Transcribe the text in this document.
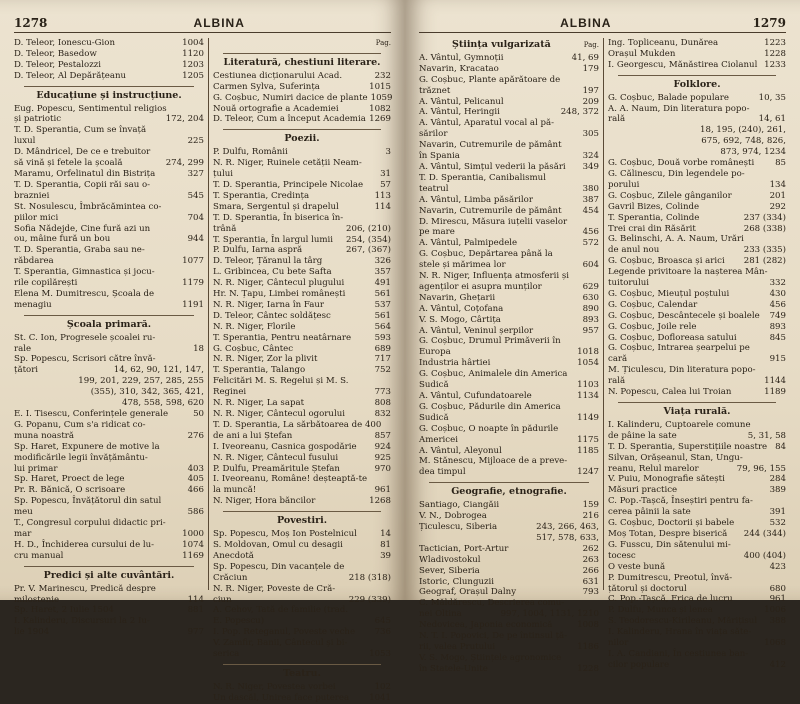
1278	ALBINA
D. Teleor, Ionescu-Gion	1004
D. Teleor, Basedow	1120
D. Teleor, Pestalozzi	1203
D. Teleor, Al Depărățeanu	1205
Educațiune și instrucțiune.
Eug. Popescu, Sentimentul religios
și patriotic	172, 204
T. D. Sperantia, Cum se învață
luxul	225
D. Mândricel, De ce e trebuitor
să vină și fetele la școală	274, 299
Maramu, Orfelinatul din Bistrița	327
T. D. Sperantia, Copii răi sau o-
brazniei	545
St. Nosulescu, Îmbrăcămintea co-
piilor mici	704
Sofia Nădejde, Cine fură azi un
ou, mâine fură un bou	944
T. D. Sperantia, Graba sau ne-
răbdarea	1077
T. Sperantia, Gimnastica și jocu-
rile copilărești	1179
Elena M. Dumitrescu, Școala de
menagiu	1191
Școala primară.
St. C. Ion, Progresele școalei ru-
rale	18
Sp. Popescu, Scrisori către învă-
țători	14, 62, 90, 121, 147,
199, 201, 229, 257, 285, 255
(355), 310, 342, 365, 421,
478, 558, 598, 620
E. I. Tisescu, Conferințele generale	50
G. Popanu, Cum s'a ridicat co-
muna noastră	276
Sp. Haret, Expunere de motive la
modificările legii învățământu-
lui primar	403
Sp. Haret, Proect de lege	405
Pr. R. Bănică, O scrisoare	466
Sp. Popescu, Învățătorul din satul
meu	586
T., Congresul corpului didactic pri-
mar	1000
H. D., Închiderea cursului de lu-	1074
cru manual	1169
Predici și alte cuvântări.
Pr. V. Marinescu, Predică despre
milostenie	114
Sp. Haret, 2 Iulie 1504	881
I. Kalinderu, Discursuri la 2 Iu-
lie 1904	977
Pag.
Literatură, chestiuni literare.
Cestiunea dicționarului Acad.	232
Carmen Sylva, Suferința	1015
G. Coșbuc, Numiri dacice de plante 1059
Nouă ortografie a Academiei	1082
D. Teleor, Cum a început Academia 1269
Poezii.
P. Dulfu, Românii	3
N. R. Niger, Ruinele cetății Neam-
țului	31
T. D. Sperantia, Principele Nicolae	57
T. Sperantia, Credința	113
Smara, Sergentul și drapelul	114
T. D. Sperantia, În biserica în-
trână	206, (210)
T. Sperantia, În largul lumii	254, (354)
P. Dulfu, Iarna aspră	267, (367)
D. Teleor, Țăranul la târg	326
L. Gribincea, Cu bete Safta	357
N. R. Niger, Cântecul plugului	491
Hr. N. Țapu, Limbei românești	561
N. R. Niger, Iarna în Faur	537
D. Teleor, Cântec soldățesc	561
N. R. Niger, Florile	564
T. Sperantia, Pentru neatârnare	593
G. Coșbuc, Cântec	689
N. R. Niger, Zor la plivit	717
T. Sperantia, Talango	752
Felicitări M. S. Regelui și M. S.
Reginei	773
N. R. Niger, La sapat	808
N. R. Niger, Cântecul ogorului	832
T. D. Sperantia, La sărbătoarea de 400
de ani a lui Ștefan	857
I. Iveoreanu, Casnica gospodărie	924
N. R. Niger, Cântecul fusului	925
P. Dulfu, Preamăritule Ștefan	970
I. Iveoreanu, Române! deșteaptă-te
la muncă!	961
N. Niger, Hora băncilor	1268
Povestiri.
Sp. Popescu, Moș Ion Postelnicul	14
S. Moldovan, Omul cu desagii	81
Anecdotă	39
Sp. Popescu, Din vacanțele de
Crăciun	218 (318)
N. R. Niger, Poveste de Cră-
ciun	229 (339)
A. Cehov, Tată de familie (trad.
E. Popescu)	645
I. Pop. Reteganul, Poveste veche	736
V. Zamfir, Banii, Cântecul și bi-
serica	1053
Teatru.
N. R. Niger, Povestea vorbei	102
Un dascăl, Unirea face puterea	1041
ALBINA	1279
Știința vulgarizată	Pag.
A. Vântul, Gymnoții	41, 69
Navarin, Kracatao	179
G. Coșbuc, Plante apărătoare de
trăznet	197
A. Vântul, Pelicanul	209
A. Vântul, Heringii	248, 372
A. Vântul, Aparatul vocal al pă-
sărilor	305
Navarin, Cutremurile de pământ
în Spania	324
A. Vântul, Simțul vederii la păsări	349
T. D. Sperantia, Canibalismul
teatrul	380
A. Vântul, Limba păsărilor	387
Navarin, Cutremurile de pământ	454
D. Mirescu, Măsura iuțelii vaselor
pe mare	456
A. Vântul, Palmipedele	572
G. Coșbuc, Depărtarea până la
stele și mărimea lor	604
N. R. Niger, Influența atmosferii și
agenților ei asupra munților	629
Navarin, Ghețarii	630
A. Vântul, Coțofana	890
V. S. Mogo, Cârtița	893
A. Vântul, Veninul șerpilor	957
G. Coșbuc, Drumul Primăverii în
Europa	1018
Industria hârtiei	1054
G. Coșbuc, Animalele din America
Sudică	1103
A. Vântul, Cufundatoarele	1134
G. Coșbuc, Pădurile din America
Sudică	1149
G. Coșbuc, O noapte în pădurile
Americei	1175
A. Vântul, Aleyonul	1185
M. Stănescu, Mijloace de a preve-
dea timpul	1247
Geografie, etnografie.
Santiago, Ciangăii	159
V. N., Dobrogea	216
Țiculescu, Siberia	243, 266, 463,
517, 578, 633,
Tactician, Port-Artur	262
Wladivostokul	263
Sever, Siberia	266
Istoric, Clunguzii	631
Geograf, Orașul Dalny	793
C. Măldărescu, Descrierea comu-
nei Oltina	997, 1004, 1131, 1210
Nedovicea, Japonia economică	1008
N. T. I. Popovici, De pe întinsul ță-
rii, valea Prutului	1186
V. S. Mogo, Științele agronomice
în Statele-Unite	1228
Ing. Topliceanu, Dunărea	1223
Orașul Mukden	1228
I. Georgescu, Mănăstirea Ciolanul 1233
Folklore.
G. Coșbuc, Balade populare	10, 35
A. A. Naum, Din literatura popo-
rală	14, 61
18, 195, (240), 261,
675, 692, 748, 826,
873, 974, 1234
G. Coșbuc, Două vorbe românești	85
G. Călinescu, Din legendele po-
porului	134
G. Coșbuc, Zilele gânganilor	201
Gavril Bizes, Colinde	292
T. Sperantia, Colinde	237 (334)
Trei crai din Răsărit	268 (338)
G. Belinschi, A. A. Naum, Urări
de anul nou	233 (335)
G. Coșbuc, Broasca și arici	281 (282)
Legende privitoare la nașterea Mân-
tuitorului	332
G. Coșbuc, Mieuțul poștului	430
G. Coșbuc, Calendar	456
G. Coșbuc, Descântecele și boalele	749
G. Coșbuc, Joile rele	893
G. Coșbuc, Dofloreasa satului	845
G. Coșbuc, Intrarea șearpelui pe
cară	915
M. Țiculescu, Din literatura popo-
rală	1144
N. Popescu, Calea lui Troian	1189
Viața rurală.
I. Kalinderu, Cuptoarele comune
de pâine la sate	5, 31, 58
T. D. Sperantia, Superstițiile noastre 84
Silvan, Orășeanul, Stan, Ungu-
reanu, Relul marelor	79, 96, 155
V. Puiu, Monografie sătești	284
Măsuri practice	389
C. Pop.-Tașcă, Înseștiri pentru fa-
cerea pâinii la sate	391
G. Coșbuc, Doctorii și babele	532
Moș Totan, Despre biserică	244 (344)
G. Fusscu, Din sătenului mi-
tocesc	400 (404)
O veste bună	423
P. Dumitrescu, Preotul, învă-
țătorul și doctorul	680
C. Pop.-Tașcă, Frica de lucru	961
P. Dulfu, Munca și lenea	1006
S. Teodorescu-Kirileanu, Mărițisul	388
I. Kalinderu, Hrana în viața săte-
nilor	1068
I. A. Candiani, În cestiunea ban-
cilor populare	412
